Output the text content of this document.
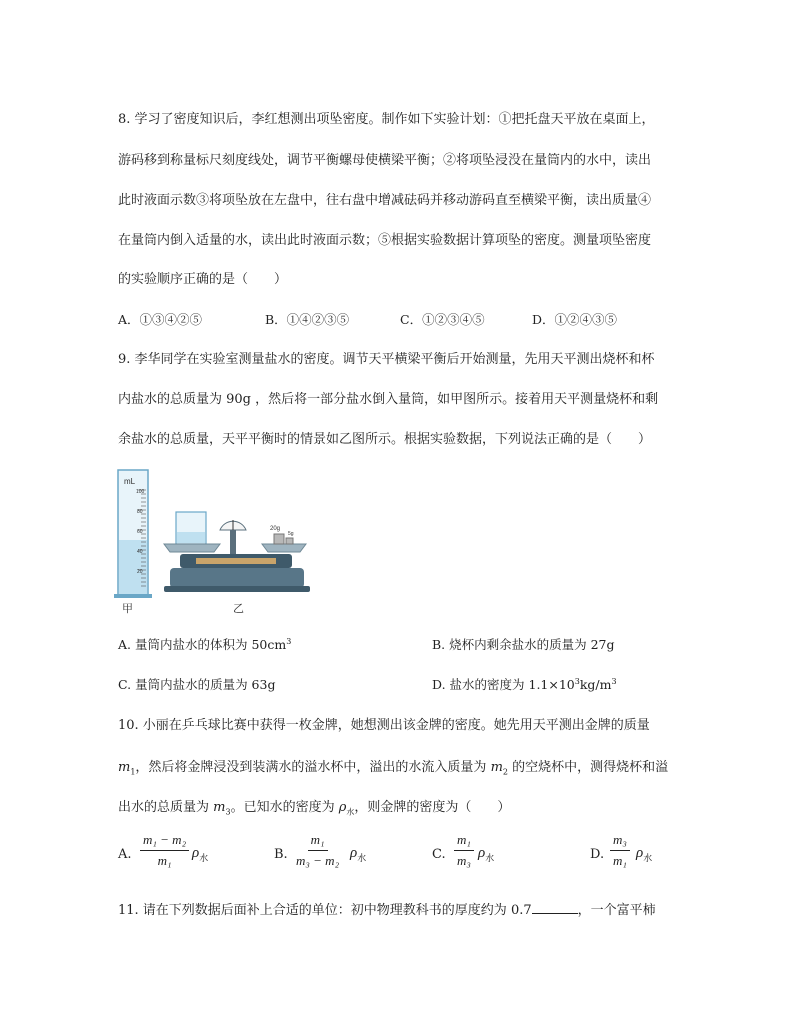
8. 学习了密度知识后，李红想测出项坠密度。制作如下实验计划：①把托盘天平放在桌面上，
游码移到称量标尺刻度线处，调节平衡螺母使横梁平衡；②将项坠浸没在量筒内的水中，读出
此时液面示数③将项坠放在左盘中，往右盘中增减砝码并移动游码直至横梁平衡，读出质量④
在量筒内倒入适量的水，读出此时液面示数；⑤根据实验数据计算项坠的密度。测量项坠密度
的实验顺序正确的是（　　）
A．①③④②⑤	B．①④②③⑤	C．①②③④⑤	D．①②④③⑤
9. 李华同学在实验室测量盐水的密度。调节天平横梁平衡后开始测量，先用天平测出烧杯和杯
内盐水的总质量为 90g ，然后将一部分盐水倒入量筒，如甲图所示。接着用天平测量烧杯和剩
余盐水的总质量，天平平衡时的情景如乙图所示。根据实验数据，下列说法正确的是（　　）
mL
100
80
60
40
20
甲
20g
5g
乙
A. 量筒内盐水的体积为 $50cm^3$	B. 烧杯内剩余盐水的质量为 27g
C. 量筒内盐水的质量为 63g	D. 盐水的密度为 $1.1\times 10^3kg/m^3$
10. 小丽在乒乓球比赛中获得一枚金牌，她想测出该金牌的密度。她先用天平测出金牌的质量
$m_1$，然后将金牌浸没到装满水的溢水杯中，溢出的水流入质量为 $m_2$ 的空烧杯中，测得烧杯和溢
出水的总质量为 $m_3$。已知水的密度为 $\rho_水$，则金牌的密度为（　　）
A. $\frac{\text{m₁ − m₂}}{\text{m₁}} \rho_水$	B. $\frac{\text{m₁}}{\text{m₃ − m₂}} \rho_水$	C. $\frac{\text{m₁}}{\text{m₃}} \rho_水$	D. $\frac{\text{m₃}}{\text{m₁}} \rho_水$
11. 请在下列数据后面补上合适的单位：初中物理教科书的厚度约为 0.7	，一个富平柿
